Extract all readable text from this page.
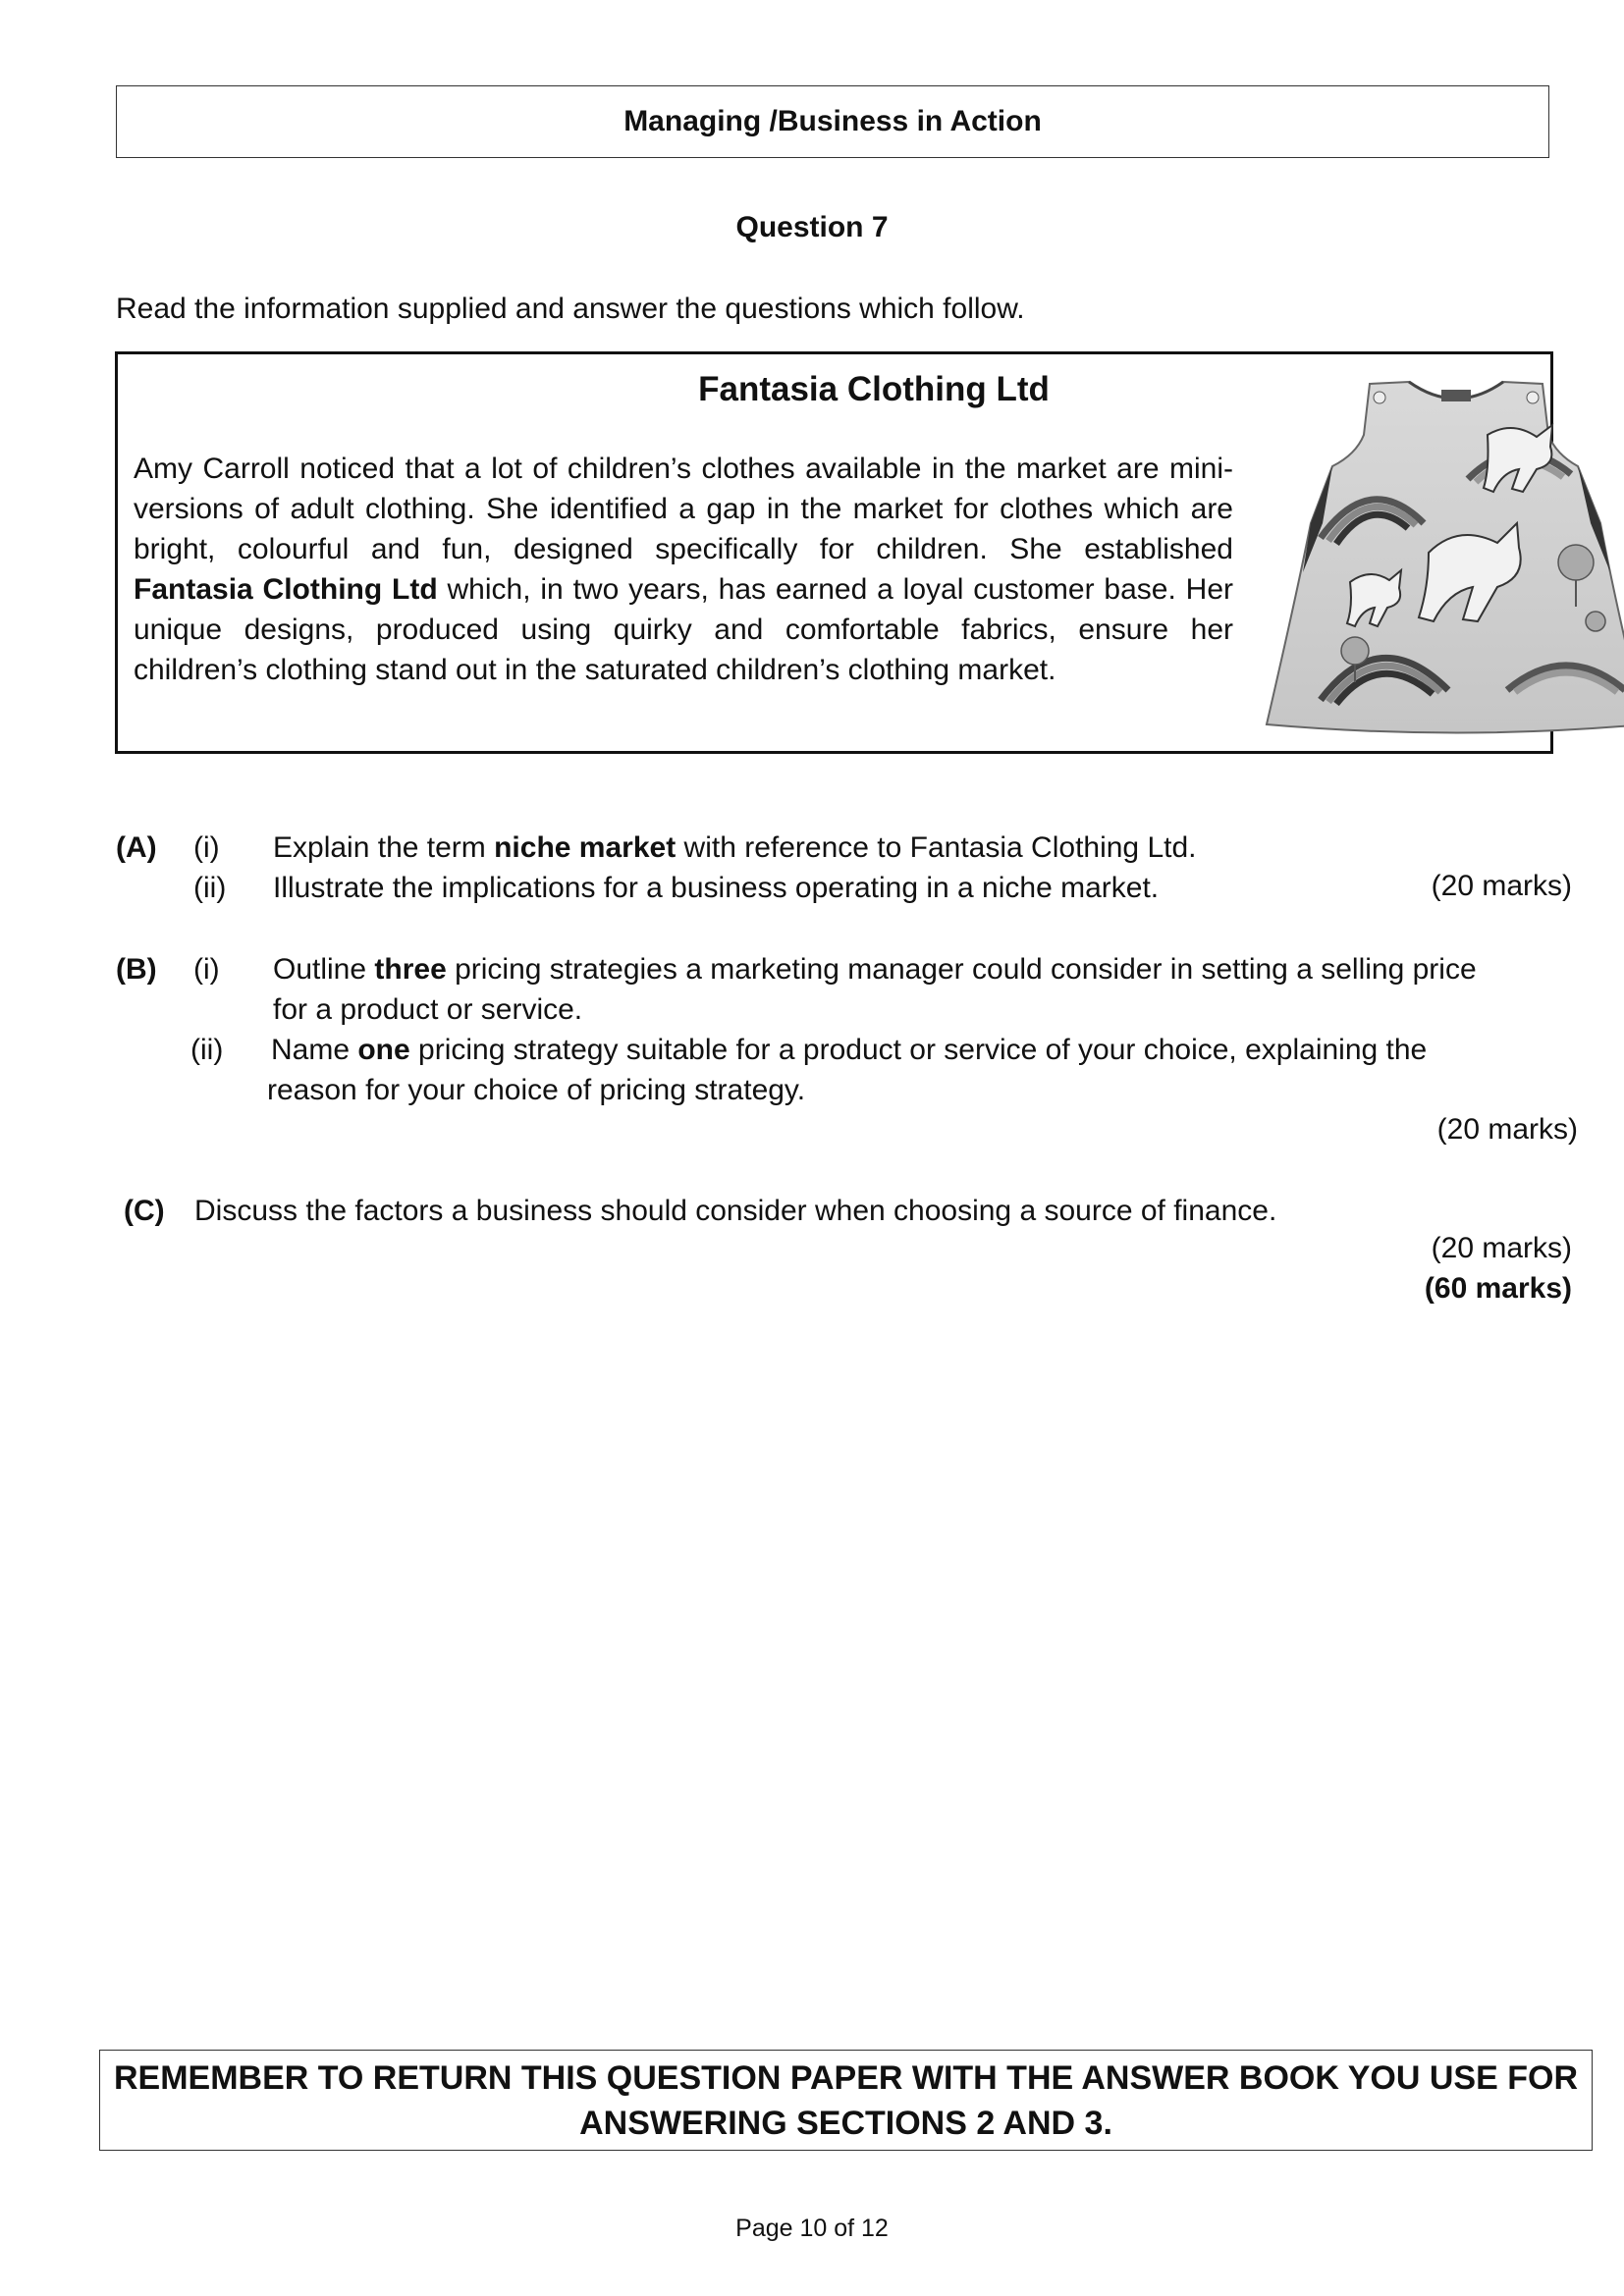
Managing /Business in Action
Question 7
Read the information supplied and answer the questions which follow.
Fantasia Clothing Ltd
Amy Carroll noticed that a lot of children’s clothes available in the market are mini-versions of adult clothing. She identified a gap in the market for clothes which are bright, colourful and fun, designed specifically for children. She established Fantasia Clothing Ltd which, in two years, has earned a loyal customer base. Her unique designs, produced using quirky and comfortable fabrics, ensure her children’s clothing stand out in the saturated children’s clothing market.
(A) (i) Explain the term niche market with reference to Fantasia Clothing Ltd.
(ii) Illustrate the implications for a business operating in a niche market.	(20 marks)
(B) (i) Outline three pricing strategies a marketing manager could consider in setting a selling price
for a product or service.
(ii) Name one pricing strategy suitable for a product or service of your choice, explaining the
reason for your choice of pricing strategy.
(20 marks)
(C) Discuss the factors a business should consider when choosing a source of finance.
(20 marks)
(60 marks)
REMEMBER TO RETURN THIS QUESTION PAPER WITH THE ANSWER BOOK YOU USE FOR
ANSWERING SECTIONS 2 AND 3.
Page 10 of 12
